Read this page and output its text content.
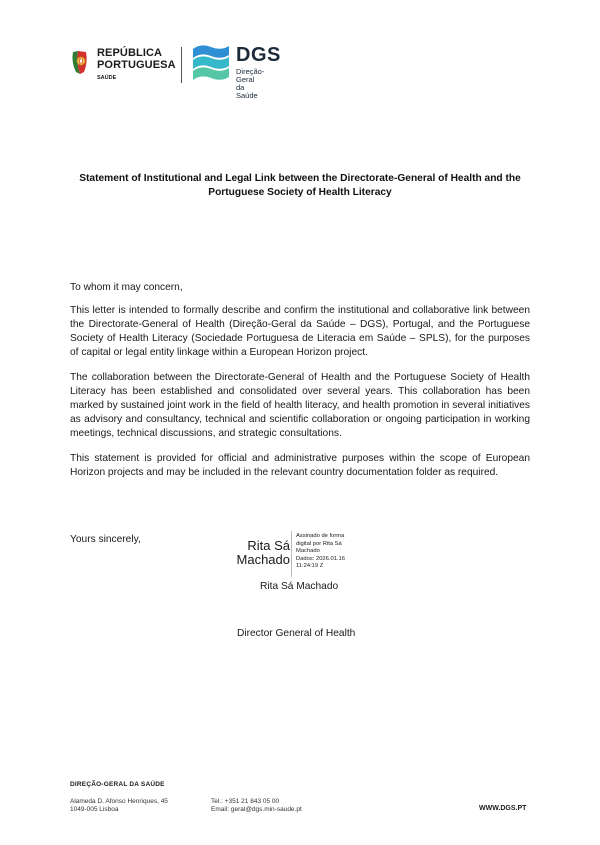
REPÚBLICA
PORTUGUESA
SAÚDE
DGS
Direção-Geral
da Saúde
Statement of Institutional and Legal Link between the Directorate-General of Health and the Portuguese Society of Health Literacy

To whom it may concern,

This letter is intended to formally describe and confirm the institutional and collaborative link between the Directorate-General of Health (Direção-Geral da Saúde – DGS), Portugal, and the Portuguese Society of Health Literacy (Sociedade Portuguesa de Literacia em Saúde – SPLS), for the purposes of capital or legal entity linkage within a European Horizon project.

The collaboration between the Directorate-General of Health and the Portuguese Society of Health Literacy has been established and consolidated over several years. This collaboration has been marked by sustained joint work in the field of health literacy, and health promotion in several initiatives as advisory and consultancy, technical and scientific collaboration or ongoing participation in working meetings, technical discussions, and strategic consultations.

This statement is provided for official and administrative purposes within the scope of European Horizon projects and may be included in the relevant country documentation folder as required.

Yours sincerely,	Rita Sá
Machado
Assinado de forma
digital por Rita Sá
Machado
Dados: 2026.01.16
11:24:19 Z
Rita Sá Machado
Director General of Health
DIREÇÃO-GERAL DA SAÚDE
Alameda D. Afonso Henriques, 45
1049-005 Lisboa
Tel.: +351 21 843 05 00
Email: geral@dgs.min-saude.pt	WWW.DGS.PT
